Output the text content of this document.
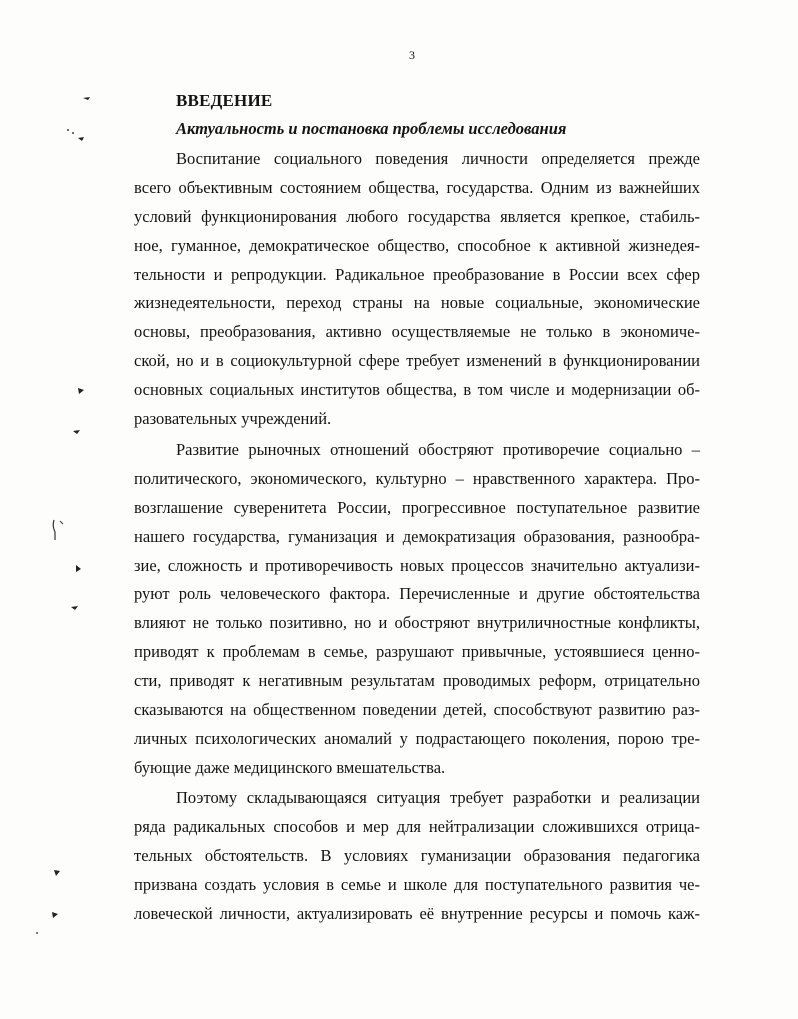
3
ВВЕДЕНИЕ
Актуальность и постановка проблемы исследования
Воспитание социального поведения личности определяется прежде
всего объективным состоянием общества, государства. Одним из важнейших
условий функционирования любого государства является крепкое, стабиль-
ное, гуманное, демократическое общество, способное к активной жизнедея-
тельности и репродукции. Радикальное преобразование в России всех сфер
жизнедеятельности, переход страны на новые социальные, экономические
основы, преобразования, активно осуществляемые не только в экономиче-
ской, но и в социокультурной сфере требует изменений в функционировании
основных социальных институтов общества, в том числе и модернизации об-
разовательных учреждений.
Развитие рыночных отношений обостряют противоречие социально –
политического, экономического, культурно – нравственного характера. Про-
возглашение суверенитета России, прогрессивное поступательное развитие
нашего государства, гуманизация и демократизация образования, разнообра-
зие, сложность и противоречивость новых процессов значительно актуализи-
руют роль человеческого фактора. Перечисленные и другие обстоятельства
влияют не только позитивно, но и обостряют внутриличностные конфликты,
приводят к проблемам в семье, разрушают привычные, устоявшиеся ценно-
сти, приводят к негативным результатам проводимых реформ, отрицательно
сказываются на общественном поведении детей, способствуют развитию раз-
личных психологических аномалий у подрастающего поколения, порою тре-
бующие даже медицинского вмешательства.
Поэтому складывающаяся ситуация требует разработки и реализации
ряда радикальных способов и мер для нейтрализации сложившихся отрица-
тельных обстоятельств. В условиях гуманизации образования педагогика
призвана создать условия в семье и школе для поступательного развития че-
ловеческой личности, актуализировать её внутренние ресурсы и помочь каж-
